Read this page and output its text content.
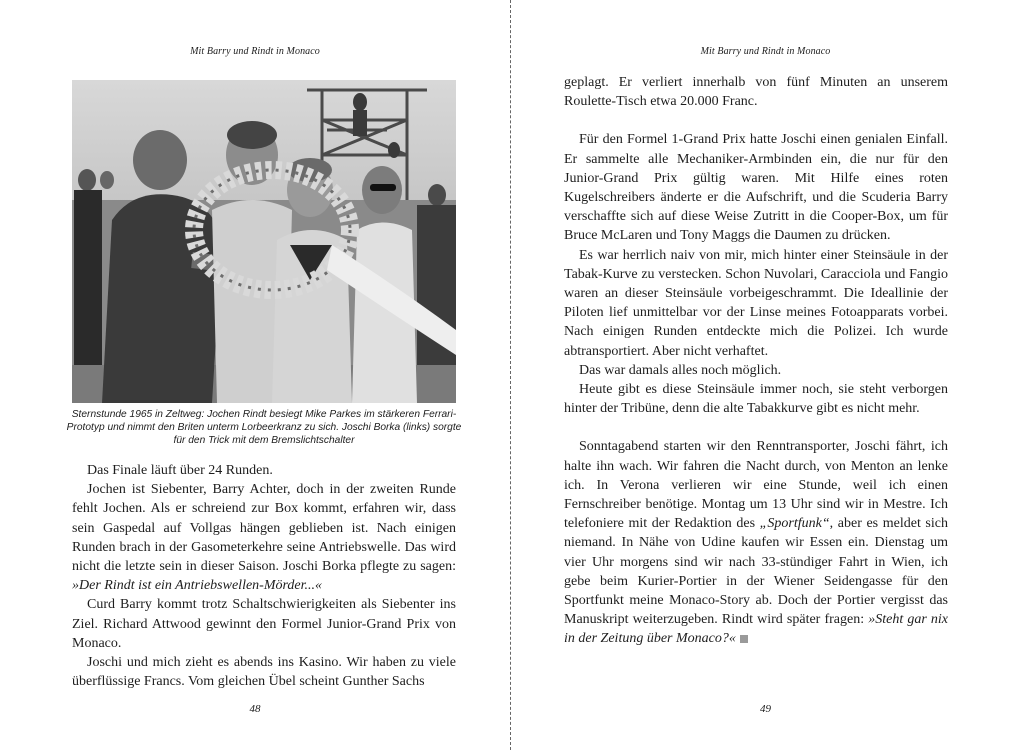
Mit Barry und Rindt in Monaco
Sternstunde 1965 in Zeltweg: Jochen Rindt besiegt Mike Parkes im stärkeren Ferrari-Prototyp und nimmt den Briten unterm Lorbeerkranz zu sich. Joschi Borka (links) sorgte für den Trick mit dem Bremslichtschalter

Das Finale läuft über 24 Runden.

Jochen ist Siebenter, Barry Achter, doch in der zweiten Runde fehlt Jochen. Als er schreiend zur Box kommt, erfahren wir, dass sein Gaspedal auf Vollgas hängen geblieben ist. Nach einigen Runden brach in der Gasometerkehre seine Antriebswelle. Das wird nicht die letzte sein in dieser Saison. Joschi Borka pflegte zu sagen: »Der Rindt ist ein Antriebswellen-Mörder...«

Curd Barry kommt trotz Schaltschwierigkeiten als Siebenter ins Ziel. Richard Attwood gewinnt den Formel Junior-Grand Prix von Monaco.

Joschi und mich zieht es abends ins Kasino. Wir haben zu viele überflüssige Francs. Vom gleichen Übel scheint Gunther Sachs

48
Mit Barry und Rindt in Monaco

geplagt. Er verliert innerhalb von fünf Minuten an unserem Roulette-Tisch etwa 20.000 Franc.

Für den Formel 1-Grand Prix hatte Joschi einen genialen Einfall. Er sammelte alle Mechaniker-Armbinden ein, die nur für den Junior-Grand Prix gültig waren. Mit Hilfe eines roten Kugelschreibers änderte er die Aufschrift, und die Scuderia Barry verschaffte sich auf diese Weise Zutritt in die Cooper-Box, um für Bruce McLaren und Tony Maggs die Daumen zu drücken.

Es war herrlich naiv von mir, mich hinter einer Steinsäule in der Tabak-Kurve zu verstecken. Schon Nuvolari, Caracciola und Fangio waren an dieser Steinsäule vorbeigeschrammt. Die Ideallinie der Piloten lief unmittelbar vor der Linse meines Fotoapparats vorbei. Nach einigen Runden entdeckte mich die Polizei. Ich wurde abtransportiert. Aber nicht verhaftet.

Das war damals alles noch möglich.

Heute gibt es diese Steinsäule immer noch, sie steht verborgen hinter der Tribüne, denn die alte Tabakkurve gibt es nicht mehr.

Sonntagabend starten wir den Renntransporter, Joschi fährt, ich halte ihn wach. Wir fahren die Nacht durch, von Menton an lenke ich. In Verona verlieren wir eine Stunde, weil ich einen Fernschreiber benötige. Montag um 13 Uhr sind wir in Mestre. Ich telefoniere mit der Redaktion des „Sportfunk“, aber es meldet sich niemand. In Nähe von Udine kaufen wir Essen ein. Dienstag um vier Uhr morgens sind wir nach 33-stündiger Fahrt in Wien, ich gebe beim Kurier-Portier in der Wiener Seidengasse für den Sportfunkt meine Monaco-Story ab. Doch der Portier vergisst das Manuskript weiterzugeben. Rindt wird später fragen: »Steht gar nix in der Zeitung über Monaco?«

49
